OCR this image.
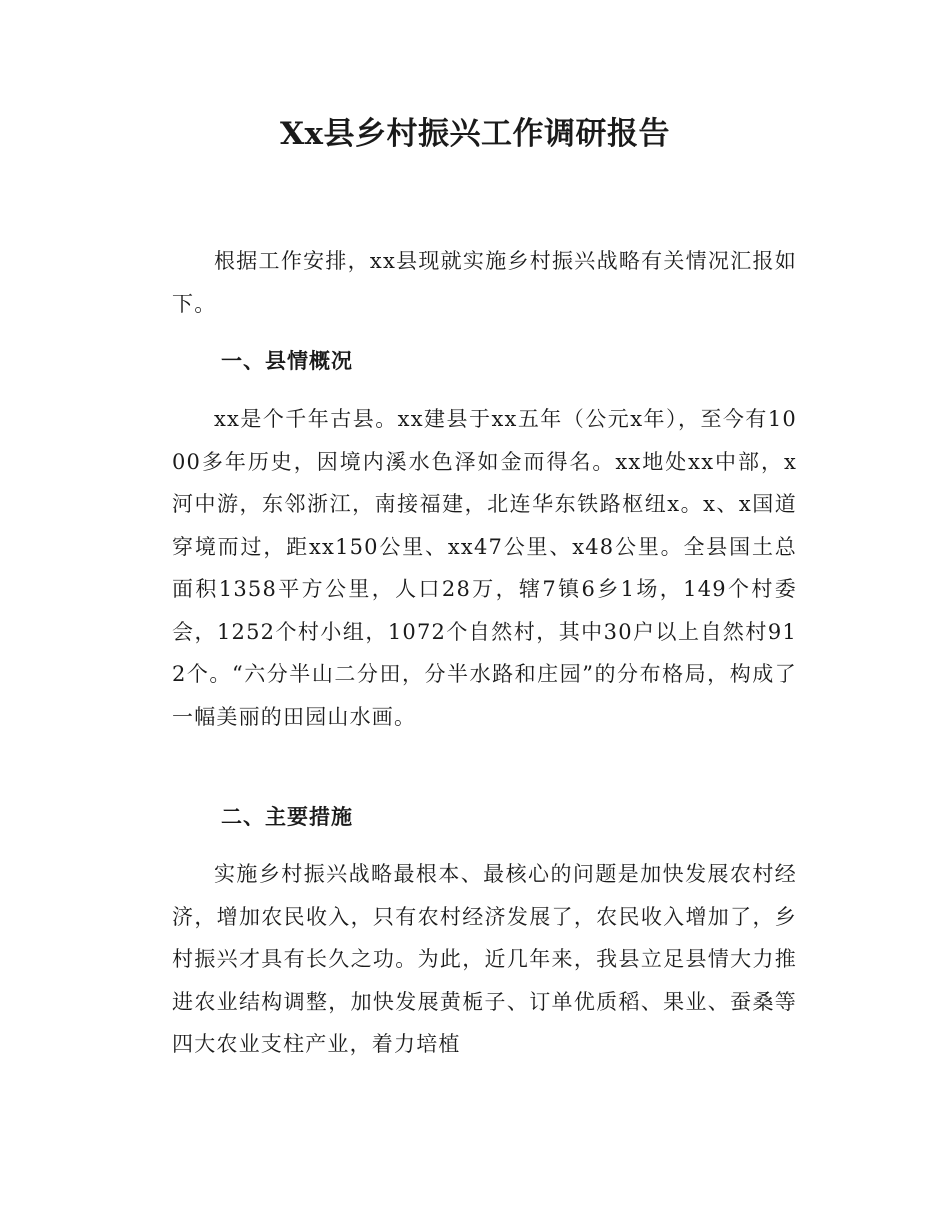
Xx县乡村振兴工作调研报告

根据工作安排，xx县现就实施乡村振兴战略有关情况汇报如下。

一、县情概况

xx是个千年古县。xx建县于xx五年（公元x年），至今有1000多年历史，因境内溪水色泽如金而得名。xx地处xx中部，x河中游，东邻浙江，南接福建，北连华东铁路枢纽x。x、x国道穿境而过，距xx150公里、xx47公里、x48公里。全县国土总面积1358平方公里，人口28万，辖7镇6乡1场，149个村委会，1252个村小组，1072个自然村，其中30户以上自然村912个。“六分半山二分田，分半水路和庄园”的分布格局，构成了一幅美丽的田园山水画。

二、主要措施

实施乡村振兴战略最根本、最核心的问题是加快发展农村经济，增加农民收入，只有农村经济发展了，农民收入增加了，乡村振兴才具有长久之功。为此，近几年来，我县立足县情大力推进农业结构调整，加快发展黄栀子、订单优质稻、果业、蚕桑等四大农业支柱产业，着力培植
